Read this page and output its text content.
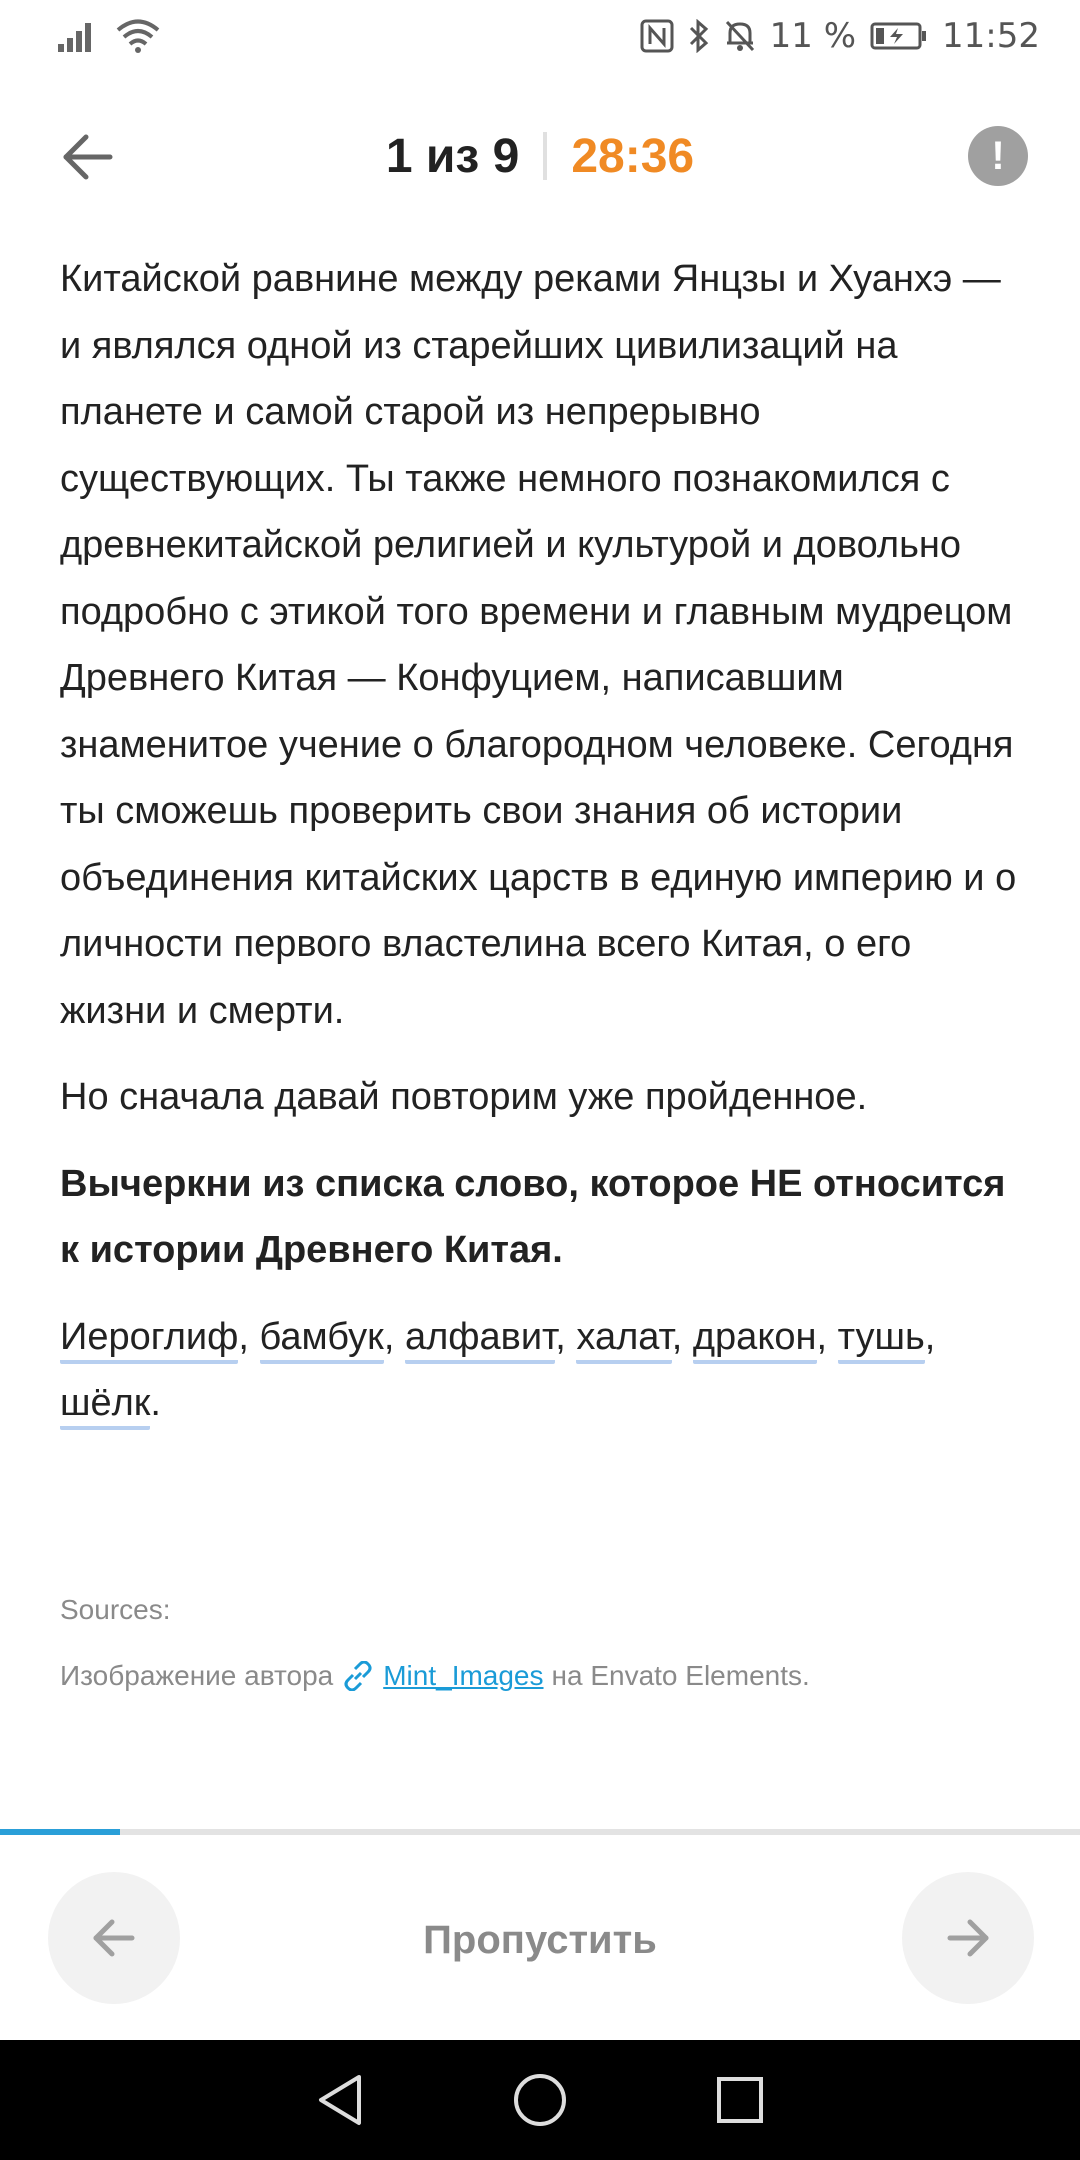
11 %	11:52
1 из 9 28:36	!

Китайской равнине между реками Янцзы и Хуанхэ — и являлся одной из старейших цивилизаций на планете и самой старой из непрерывно существующих. Ты также немного познакомился с древнекитайской религией и культурой и довольно подробно с этикой того времени и главным мудрецом Древнего Китая — Конфуцием, написавшим знаменитое учение о благородном человеке. Сегодня ты сможешь проверить свои знания об истории объединения китайских царств в единую империю и о личности первого властелина всего Китая, о его жизни и смерти.

Но сначала давай повторим уже пройденное.

Вычеркни из списка слово, которое НЕ относится к истории Древнего Китая.

Иероглиф, бамбук, алфавит, халат, дракон, тушь, шёлк.

Sources:
Изображение автора Mint_Images на Envato Elements.
Пропустить
